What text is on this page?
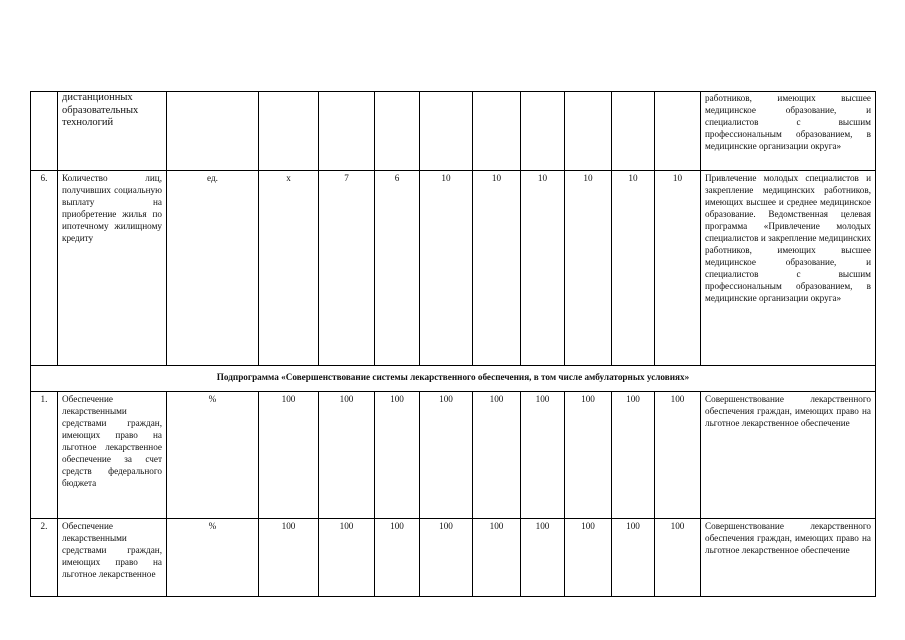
	дистанционных образовательных технологий											работников, имеющих высшее медицинское образование, и специалистов с высшим профессиональным образованием, в медицинские организации округа»
6.	Количество лиц, получивших социальную выплату на приобретение жилья по ипотечному жилищному кредиту	ед.	х	7	6	10	10	10	10	10	10	Привлечение молодых специалистов и закрепление медицинских работников, имеющих высшее и среднее медицинское образование. Ведомственная целевая программа «Привлечение молодых специалистов и закрепление медицинских работников, имеющих высшее медицинское образование, и специалистов с высшим профессиональным образованием, в медицинские организации округа»
Подпрограмма «Совершенствование системы лекарственного обеспечения, в том числе амбулаторных условиях»												
1.	Обеспечение лекарственными средствами граждан, имеющих право на льготное лекарственное обеспечение за счет средств федерального бюджета	%	100	100	100	100	100	100	100	100	100	Совершенствование лекарственного обеспечения граждан, имеющих право на льготное лекарственное обеспечение
2.	Обеспечение лекарственными средствами граждан, имеющих право на льготное лекарственное	%	100	100	100	100	100	100	100	100	100	Совершенствование лекарственного обеспечения граждан, имеющих право на льготное лекарственное обеспечение
